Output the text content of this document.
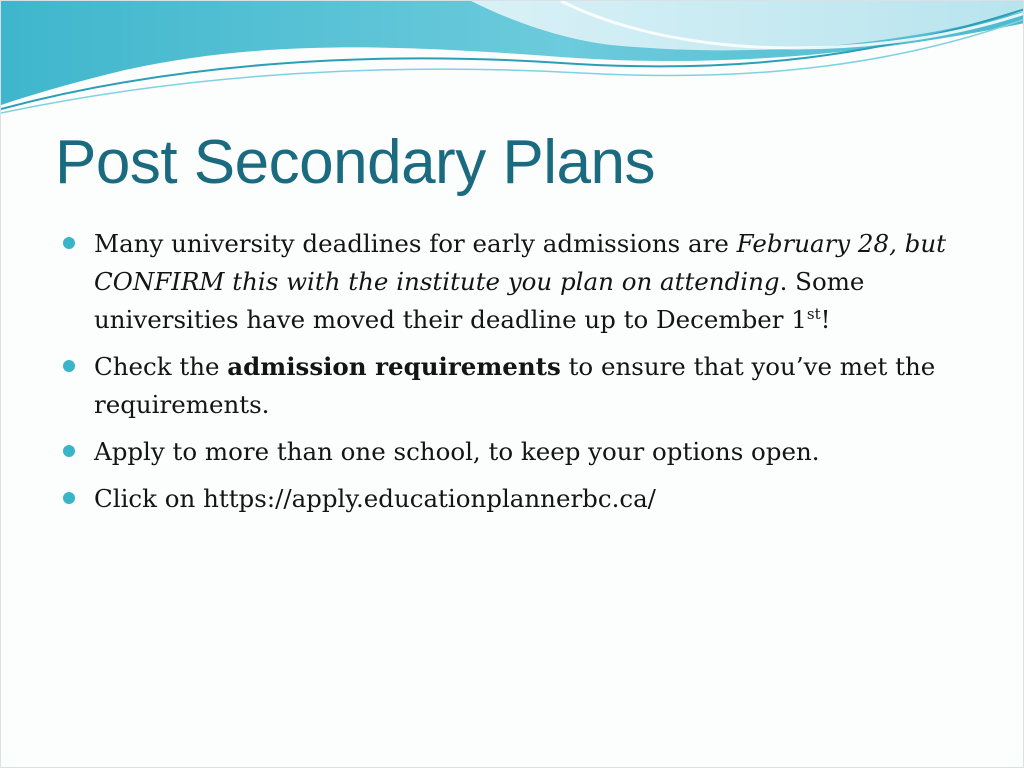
Post Secondary Plans
Many university deadlines for early admissions are February 28, but CONFIRM this with the institute you plan on attending. Some universities have moved their deadline up to December 1st!
Check the admission requirements to ensure that you’ve met the requirements.
Apply to more than one school, to keep your options open.
Click on https://apply.educationplannerbc.ca/
